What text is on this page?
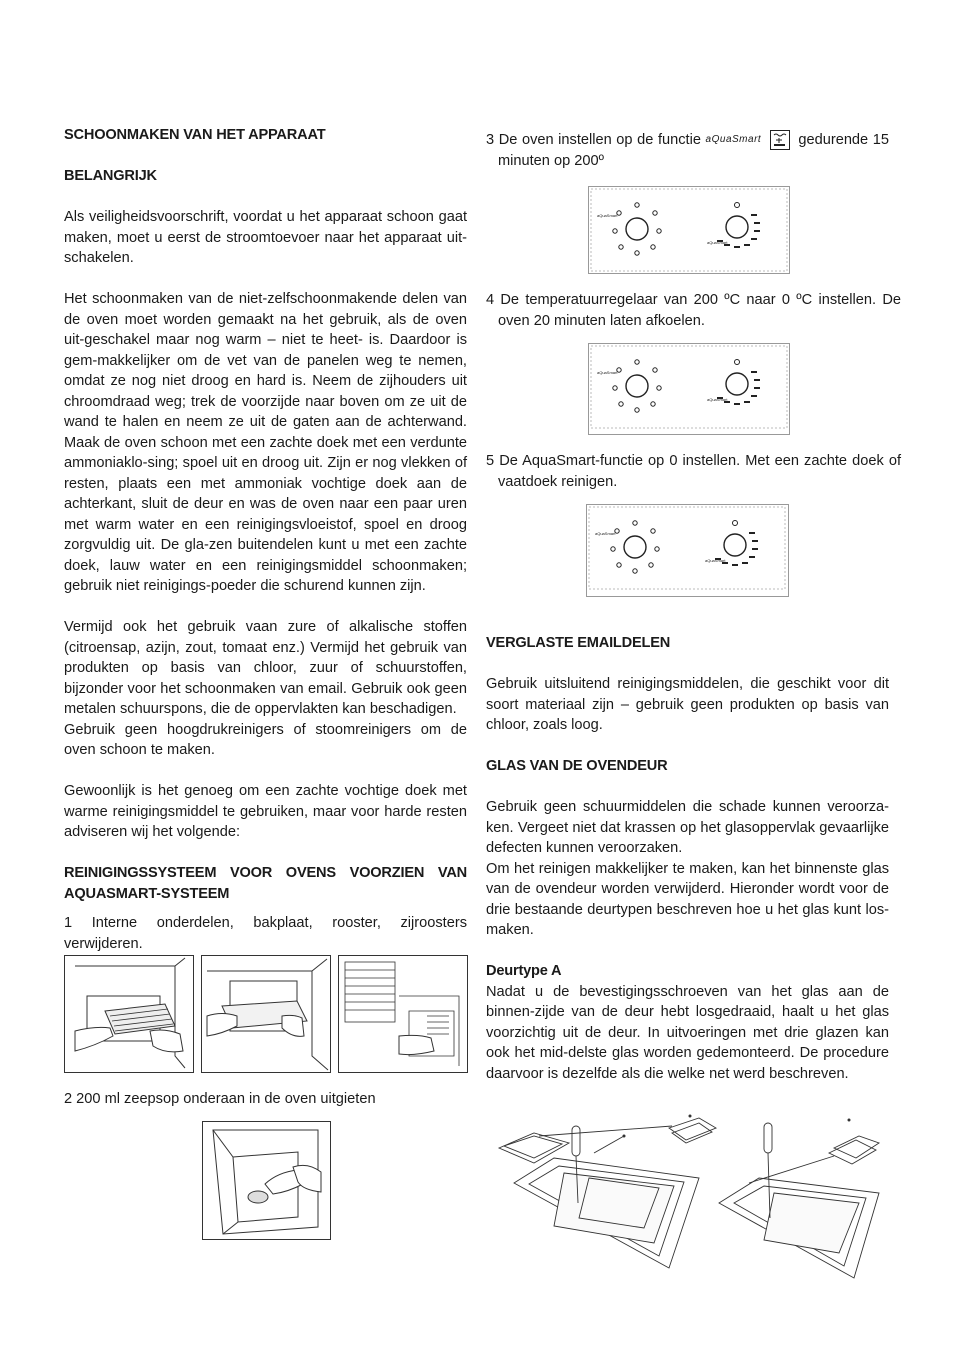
SCHOONMAKEN VAN HET APPARAAT

BELANGRIJK

Als veiligheidsvoorschrift, voordat u het apparaat schoon gaat maken, moet u eerst de stroomtoevoer naar het apparaat uit-schakelen.

Het schoonmaken van de niet-zelfschoonmakende delen van de oven moet worden gemaakt na het gebruik, als de oven uit-geschakel maar nog warm – niet te heet- is. Daardoor is gem-makkelijker om de vet van de panelen weg te nemen, omdat ze nog niet droog en hard is. Neem de zijhouders uit chroomdraad weg; trek de voorzijde naar boven om ze uit de wand te halen en neem ze uit de gaten aan de achterwand. Maak de oven schoon met een zachte doek met een verdunte ammoniaklo-sing; spoel uit en droog uit. Zijn er nog vlekken of resten, plaats een met ammoniak vochtige doek aan de achterkant, sluit de deur en was de oven naar een paar uren met warm water en een reinigingsvloeistof, spoel en droog zorgvuldig uit. De gla-zen buitendelen kunt u met een zachte doek, lauw water en een reinigingsmiddel schoonmaken; gebruik niet reinigings-poeder die schurend kunnen zijn.

Vermijd ook het gebruik vaan zure of alkalische stoffen (citroensap, azijn, zout, tomaat enz.) Vermijd het gebruik van produkten op basis van chloor, zuur of schuurstoffen, bijzonder voor het schoonmaken van email. Gebruik ook geen metalen schuurspons, die de oppervlakten kan beschadigen.

Gebruik geen hoogdrukreinigers of stoomreinigers om de oven schoon te maken.

Gewoonlijk is het genoeg om een zachte vochtige doek met warme reinigingsmiddel te gebruiken, maar voor harde resten adviseren wij het volgende:

REINIGINGSSYSTEEM VOOR OVENS VOORZIEN VAN AQUASMART-SYSTEEM

1 Interne onderdelen, bakplaat, rooster, zijroosters verwijderen.

2 200 ml zeepsop onderaan in de oven uitgieten

3 De oven instellen op de functie aQuaSmart	gedurende 15 minuten op 200º

aQuaSmart
aQuaSmart

4 De temperatuurregelaar van 200 ºC naar 0 ºC instellen. De oven 20 minuten laten afkoelen.

aQuaSmart
aQuaSmart

5 De AquaSmart-functie op 0 instellen. Met een zachte doek of vaatdoek reinigen.

aQuaSmart
aQuaSmart

VERGLASTE EMAILDELEN

Gebruik uitsluitend reinigingsmiddelen, die geschikt voor dit soort materiaal zijn – gebruik geen produkten op basis van chloor, zoals loog.

GLAS VAN DE OVENDEUR

Gebruik geen schuurmiddelen die schade kunnen veroorza-ken. Vergeet niet dat krassen op het glasoppervlak gevaarlijke defecten kunnen veroorzaken.

Om het reinigen makkelijker te maken, kan het binnenste glas van de ovendeur worden verwijderd. Hieronder wordt voor de drie bestaande deurtypen beschreven hoe u het glas kunt los-maken.

Deurtype A

Nadat u de bevestigingsschroeven van het glas aan de binnen-zijde van de deur hebt losgedraaid, haalt u het glas voorzichtig uit de deur. In uitvoeringen met drie glazen kan ook het mid-delste glas worden gedemonteerd. De procedure daarvoor is dezelfde als die welke net werd beschreven.
